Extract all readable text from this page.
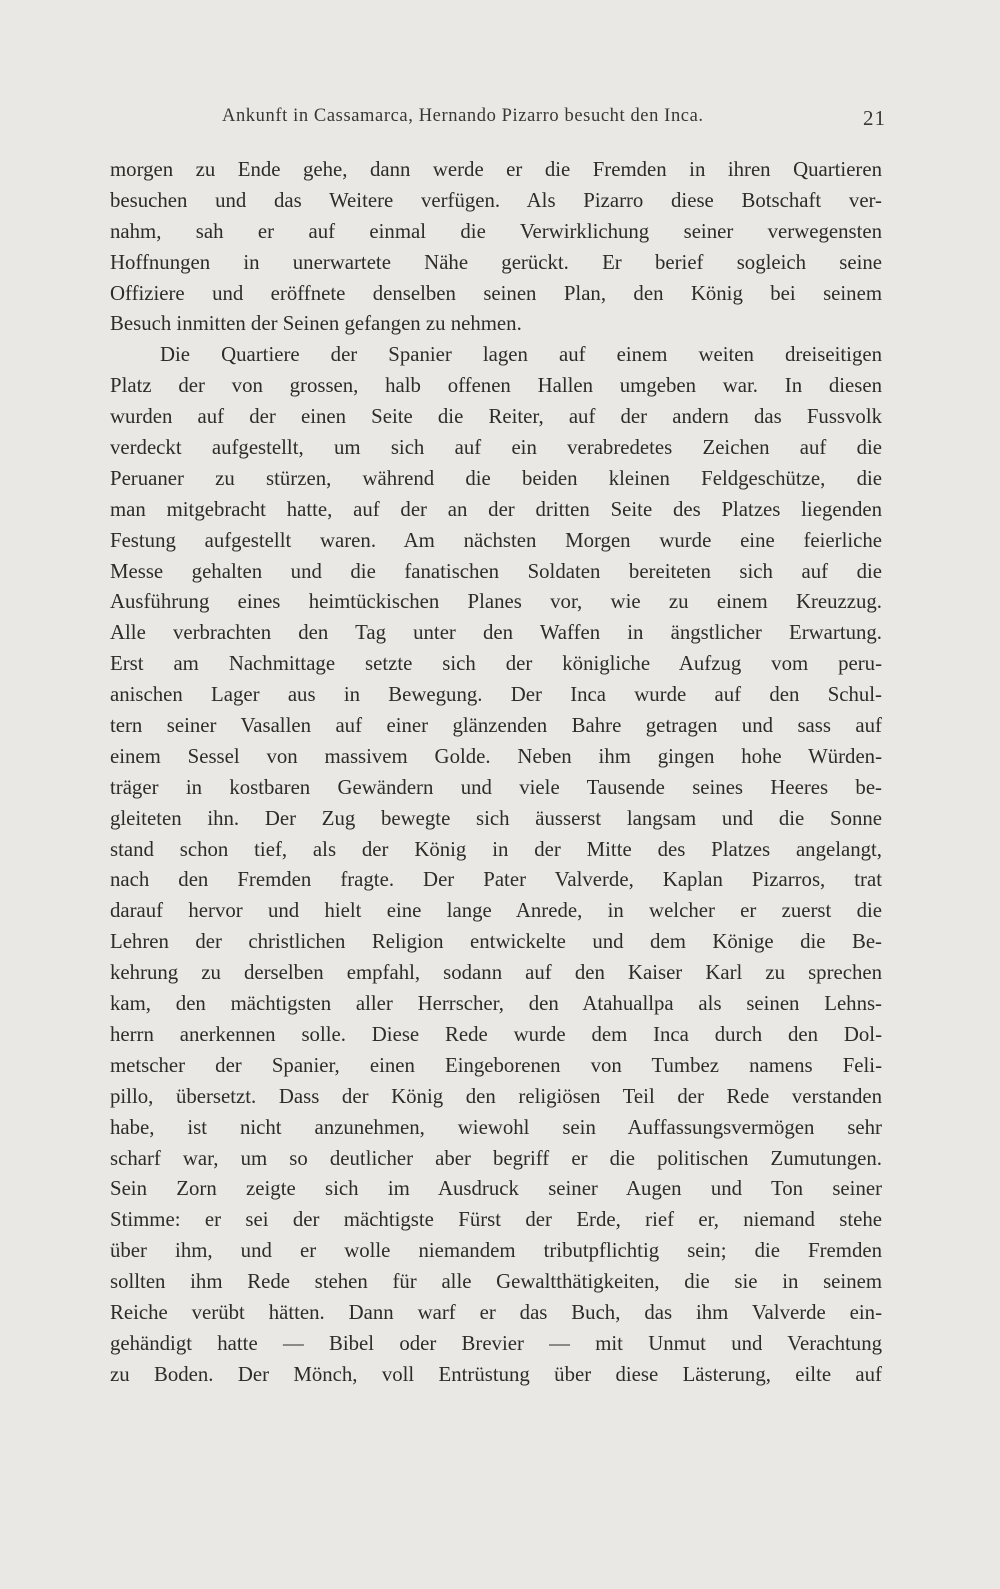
Ankunft in Cassamarca, Hernando Pizarro besucht den Inca.	21
morgen zu Ende gehe, dann werde er die Fremden in ihren Quartieren
besuchen und das Weitere verfügen. Als Pizarro diese Botschaft ver-
nahm, sah er auf einmal die Verwirklichung seiner verwegensten
Hoffnungen in unerwartete Nähe gerückt. Er berief sogleich seine
Offiziere und eröffnete denselben seinen Plan, den König bei seinem
Besuch inmitten der Seinen gefangen zu nehmen.
Die Quartiere der Spanier lagen auf einem weiten dreiseitigen
Platz der von grossen, halb offenen Hallen umgeben war. In diesen
wurden auf der einen Seite die Reiter, auf der andern das Fussvolk
verdeckt aufgestellt, um sich auf ein verabredetes Zeichen auf die
Peruaner zu stürzen, während die beiden kleinen Feldgeschütze, die
man mitgebracht hatte, auf der an der dritten Seite des Platzes liegenden
Festung aufgestellt waren. Am nächsten Morgen wurde eine feierliche
Messe gehalten und die fanatischen Soldaten bereiteten sich auf die
Ausführung eines heimtückischen Planes vor, wie zu einem Kreuzzug.
Alle verbrachten den Tag unter den Waffen in ängstlicher Erwartung.
Erst am Nachmittage setzte sich der königliche Aufzug vom peru-
anischen Lager aus in Bewegung. Der Inca wurde auf den Schul-
tern seiner Vasallen auf einer glänzenden Bahre getragen und sass auf
einem Sessel von massivem Golde. Neben ihm gingen hohe Würden-
träger in kostbaren Gewändern und viele Tausende seines Heeres be-
gleiteten ihn. Der Zug bewegte sich äusserst langsam und die Sonne
stand schon tief, als der König in der Mitte des Platzes angelangt,
nach den Fremden fragte. Der Pater Valverde, Kaplan Pizarros, trat
darauf hervor und hielt eine lange Anrede, in welcher er zuerst die
Lehren der christlichen Religion entwickelte und dem Könige die Be-
kehrung zu derselben empfahl, sodann auf den Kaiser Karl zu sprechen
kam, den mächtigsten aller Herrscher, den Atahuallpa als seinen Lehns-
herrn anerkennen solle. Diese Rede wurde dem Inca durch den Dol-
metscher der Spanier, einen Eingeborenen von Tumbez namens Feli-
pillo, übersetzt. Dass der König den religiösen Teil der Rede verstanden
habe, ist nicht anzunehmen, wiewohl sein Auffassungsvermögen sehr
scharf war, um so deutlicher aber begriff er die politischen Zumutungen.
Sein Zorn zeigte sich im Ausdruck seiner Augen und Ton seiner
Stimme: er sei der mächtigste Fürst der Erde, rief er, niemand stehe
über ihm, und er wolle niemandem tributpflichtig sein; die Fremden
sollten ihm Rede stehen für alle Gewaltthätigkeiten, die sie in seinem
Reiche verübt hätten. Dann warf er das Buch, das ihm Valverde ein-
gehändigt hatte — Bibel oder Brevier — mit Unmut und Verachtung
zu Boden. Der Mönch, voll Entrüstung über diese Lästerung, eilte auf
